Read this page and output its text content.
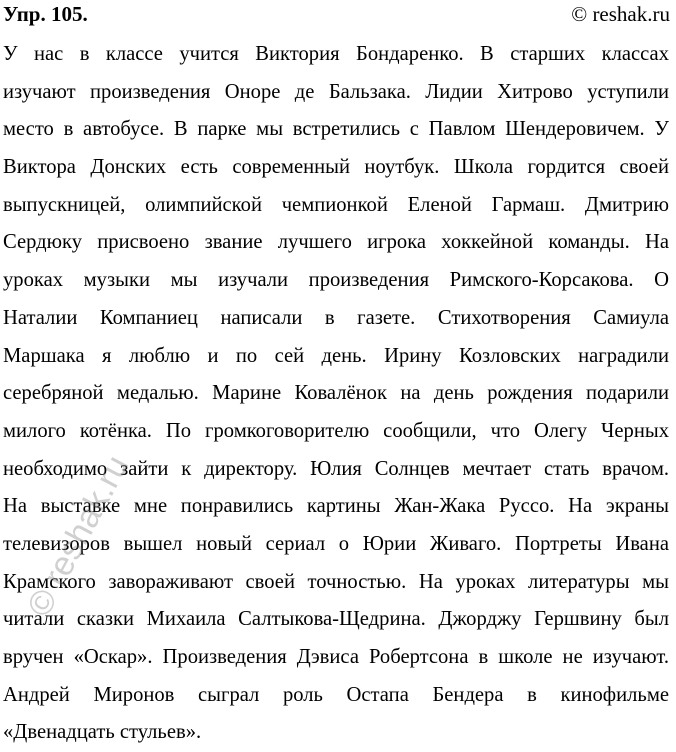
Упр. 105.	© reshak.ru
У нас в классе учится Виктория Бондаренко. В старших классах
изучают произведения Оноре де Бальзака. Лидии Хитрово уступили
место в автобусе. В парке мы встретились с Павлом Шендеровичем. У
Виктора Донских есть современный ноутбук. Школа гордится своей
выпускницей, олимпийской чемпионкой Еленой Гармаш. Дмитрию
Сердюку присвоено звание лучшего игрока хоккейной команды. На
уроках музыки мы изучали произведения Римского-Корсакова. О
Наталии Компаниец написали в газете. Стихотворения Самиула
Маршака я люблю и по сей день. Ирину Козловских наградили
серебряной медалью. Марине Ковалёнок на день рождения подарили
милого котёнка. По громкоговорителю сообщили, что Олегу Черных
необходимо зайти к директору. Юлия Солнцев мечтает стать врачом.
На выставке мне понравились картины Жан-Жака Руссо. На экраны
телевизоров вышел новый сериал о Юрии Живаго. Портреты Ивана
Крамского завораживают своей точностью. На уроках литературы мы
читали сказки Михаила Салтыкова-Щедрина. Джорджу Гершвину был
вручен «Оскар». Произведения Дэвиса Робертсона в школе не изучают.
Андрей Миронов сыграл роль Остапа Бендера в кинофильме
«Двенадцать стульев».
© reshak.ru
